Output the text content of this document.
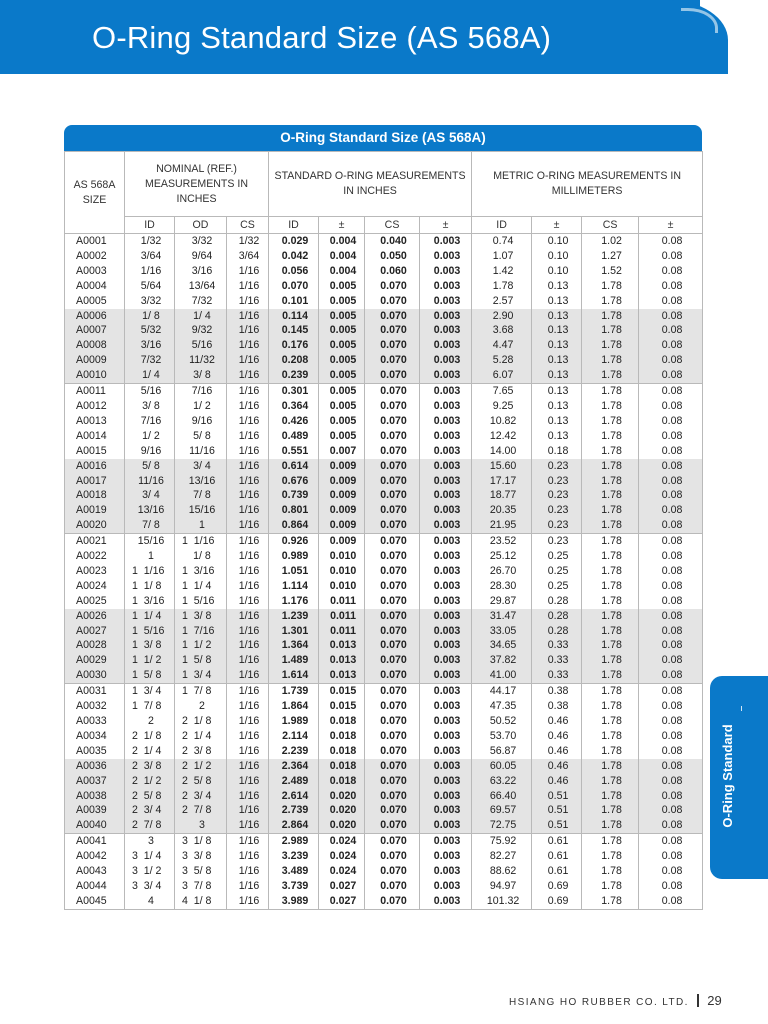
O-Ring Standard Size (AS 568A)
O-Ring Standard Size (AS 568A)
AS 568A SIZE	NOMINAL (REF.) MEASUREMENTS IN INCHES			STANDARD O-RING MEASUREMENTS IN INCHES				METRIC O-RING MEASUREMENTS IN MILLIMETERS			
	ID	OD	CS	ID	±	CS	±	ID	±	CS	±
A0001	1/32	3/32	1/32	0.029	0.004	0.040	0.003	0.74	0.10	1.02	0.08
A0002	3/64	9/64	3/64	0.042	0.004	0.050	0.003	1.07	0.10	1.27	0.08
A0003	1/16	3/16	1/16	0.056	0.004	0.060	0.003	1.42	0.10	1.52	0.08
A0004	5/64	13/64	1/16	0.070	0.005	0.070	0.003	1.78	0.13	1.78	0.08
A0005	3/32	7/32	1/16	0.101	0.005	0.070	0.003	2.57	0.13	1.78	0.08
A0006	1/ 8	1/ 4	1/16	0.114	0.005	0.070	0.003	2.90	0.13	1.78	0.08
A0007	5/32	9/32	1/16	0.145	0.005	0.070	0.003	3.68	0.13	1.78	0.08
A0008	3/16	5/16	1/16	0.176	0.005	0.070	0.003	4.47	0.13	1.78	0.08
A0009	7/32	11/32	1/16	0.208	0.005	0.070	0.003	5.28	0.13	1.78	0.08
A0010	1/ 4	3/ 8	1/16	0.239	0.005	0.070	0.003	6.07	0.13	1.78	0.08
A0011	5/16	7/16	1/16	0.301	0.005	0.070	0.003	7.65	0.13	1.78	0.08
A0012	3/ 8	1/ 2	1/16	0.364	0.005	0.070	0.003	9.25	0.13	1.78	0.08
A0013	7/16	9/16	1/16	0.426	0.005	0.070	0.003	10.82	0.13	1.78	0.08
A0014	1/ 2	5/ 8	1/16	0.489	0.005	0.070	0.003	12.42	0.13	1.78	0.08
A0015	9/16	11/16	1/16	0.551	0.007	0.070	0.003	14.00	0.18	1.78	0.08
A0016	5/ 8	3/ 4	1/16	0.614	0.009	0.070	0.003	15.60	0.23	1.78	0.08
A0017	11/16	13/16	1/16	0.676	0.009	0.070	0.003	17.17	0.23	1.78	0.08
A0018	3/ 4	7/ 8	1/16	0.739	0.009	0.070	0.003	18.77	0.23	1.78	0.08
A0019	13/16	15/16	1/16	0.801	0.009	0.070	0.003	20.35	0.23	1.78	0.08
A0020	7/ 8	1	1/16	0.864	0.009	0.070	0.003	21.95	0.23	1.78	0.08
A0021	15/16	1  1/16	1/16	0.926	0.009	0.070	0.003	23.52	0.23	1.78	0.08
A0022	1	1/ 8	1/16	0.989	0.010	0.070	0.003	25.12	0.25	1.78	0.08
A0023	1  1/16	1  3/16	1/16	1.051	0.010	0.070	0.003	26.70	0.25	1.78	0.08
A0024	1  1/ 8	1  1/ 4	1/16	1.114	0.010	0.070	0.003	28.30	0.25	1.78	0.08
A0025	1  3/16	1  5/16	1/16	1.176	0.011	0.070	0.003	29.87	0.28	1.78	0.08
A0026	1  1/ 4	1  3/ 8	1/16	1.239	0.011	0.070	0.003	31.47	0.28	1.78	0.08
A0027	1  5/16	1  7/16	1/16	1.301	0.011	0.070	0.003	33.05	0.28	1.78	0.08
A0028	1  3/ 8	1  1/ 2	1/16	1.364	0.013	0.070	0.003	34.65	0.33	1.78	0.08
A0029	1  1/ 2	1  5/ 8	1/16	1.489	0.013	0.070	0.003	37.82	0.33	1.78	0.08
A0030	1  5/ 8	1  3/ 4	1/16	1.614	0.013	0.070	0.003	41.00	0.33	1.78	0.08
A0031	1  3/ 4	1  7/ 8	1/16	1.739	0.015	0.070	0.003	44.17	0.38	1.78	0.08
A0032	1  7/ 8	2	1/16	1.864	0.015	0.070	0.003	47.35	0.38	1.78	0.08
A0033	2	2  1/ 8	1/16	1.989	0.018	0.070	0.003	50.52	0.46	1.78	0.08
A0034	2  1/ 8	2  1/ 4	1/16	2.114	0.018	0.070	0.003	53.70	0.46	1.78	0.08
A0035	2  1/ 4	2  3/ 8	1/16	2.239	0.018	0.070	0.003	56.87	0.46	1.78	0.08
A0036	2  3/ 8	2  1/ 2	1/16	2.364	0.018	0.070	0.003	60.05	0.46	1.78	0.08
A0037	2  1/ 2	2  5/ 8	1/16	2.489	0.018	0.070	0.003	63.22	0.46	1.78	0.08
A0038	2  5/ 8	2  3/ 4	1/16	2.614	0.020	0.070	0.003	66.40	0.51	1.78	0.08
A0039	2  3/ 4	2  7/ 8	1/16	2.739	0.020	0.070	0.003	69.57	0.51	1.78	0.08
A0040	2  7/ 8	3	1/16	2.864	0.020	0.070	0.003	72.75	0.51	1.78	0.08
A0041	3	3  1/ 8	1/16	2.989	0.024	0.070	0.003	75.92	0.61	1.78	0.08
A0042	3  1/ 4	3  3/ 8	1/16	3.239	0.024	0.070	0.003	82.27	0.61	1.78	0.08
A0043	3  1/ 2	3  5/ 8	1/16	3.489	0.024	0.070	0.003	88.62	0.61	1.78	0.08
A0044	3  3/ 4	3  7/ 8	1/16	3.739	0.027	0.070	0.003	94.97	0.69	1.78	0.08
A0045	4	4  1/ 8	1/16	3.989	0.027	0.070	0.003	101.32	0.69	1.78	0.08
O-Ring Standard
HSIANG HO RUBBER CO. LTD. 29
